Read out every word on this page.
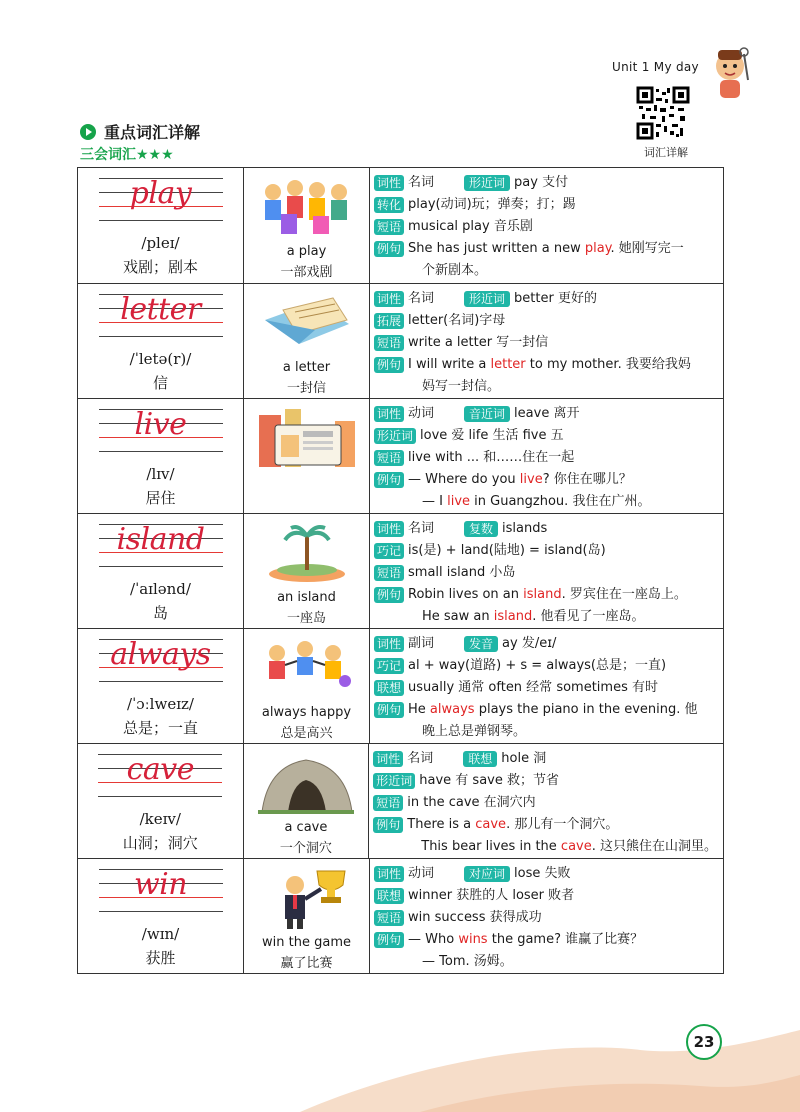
Unit 1 My day
词汇详解
重点词汇详解
三会词汇★★★
play
/pleɪ/
戏剧；剧本
a play
一部戏剧
词性 名词	形近词 pay 支付
转化 play(动词)玩；弹奏；打；踢
短语 musical play 音乐剧
例句 She has just written a new play. 她刚写完一
个新剧本。
letter
/ˈletə(r)/
信
a letter
一封信
词性 名词	形近词 better 更好的
拓展 letter(名词)字母
短语 write a letter 写一封信
例句 I will write a letter to my mother. 我要给我妈
妈写一封信。
live
/lɪv/
居住
词性 动词	音近词 leave 离开
形近词 love 爱 life 生活 five 五
短语 live with ... 和……住在一起
例句 — Where do you live? 你住在哪儿？
— I live in Guangzhou. 我住在广州。
island
/ˈaɪlənd/
岛
an island
一座岛
词性 名词	复数 islands
巧记 is(是) + land(陆地) = island(岛)
短语 small island 小岛
例句 Robin lives on an island. 罗宾住在一座岛上。
He saw an island. 他看见了一座岛。
always
/ˈɔːlweɪz/
总是；一直
always happy
总是高兴
词性 副词	发音 ay 发/eɪ/
巧记 al + way(道路) + s = always(总是；一直)
联想 usually 通常 often 经常 sometimes 有时
例句 He always plays the piano in the evening. 他
晚上总是弹钢琴。
cave
/keɪv/
山洞；洞穴
a cave
一个洞穴
词性 名词	联想 hole 洞
形近词 have 有 save 救；节省
短语 in the cave 在洞穴内
例句 There is a cave. 那儿有一个洞穴。
This bear lives in the cave. 这只熊住在山洞里。
win
/wɪn/
获胜
win the game
赢了比赛
词性 动词	对应词 lose 失败
联想 winner 获胜的人 loser 败者
短语 win success 获得成功
例句 — Who wins the game? 谁赢了比赛？
— Tom. 汤姆。
23
